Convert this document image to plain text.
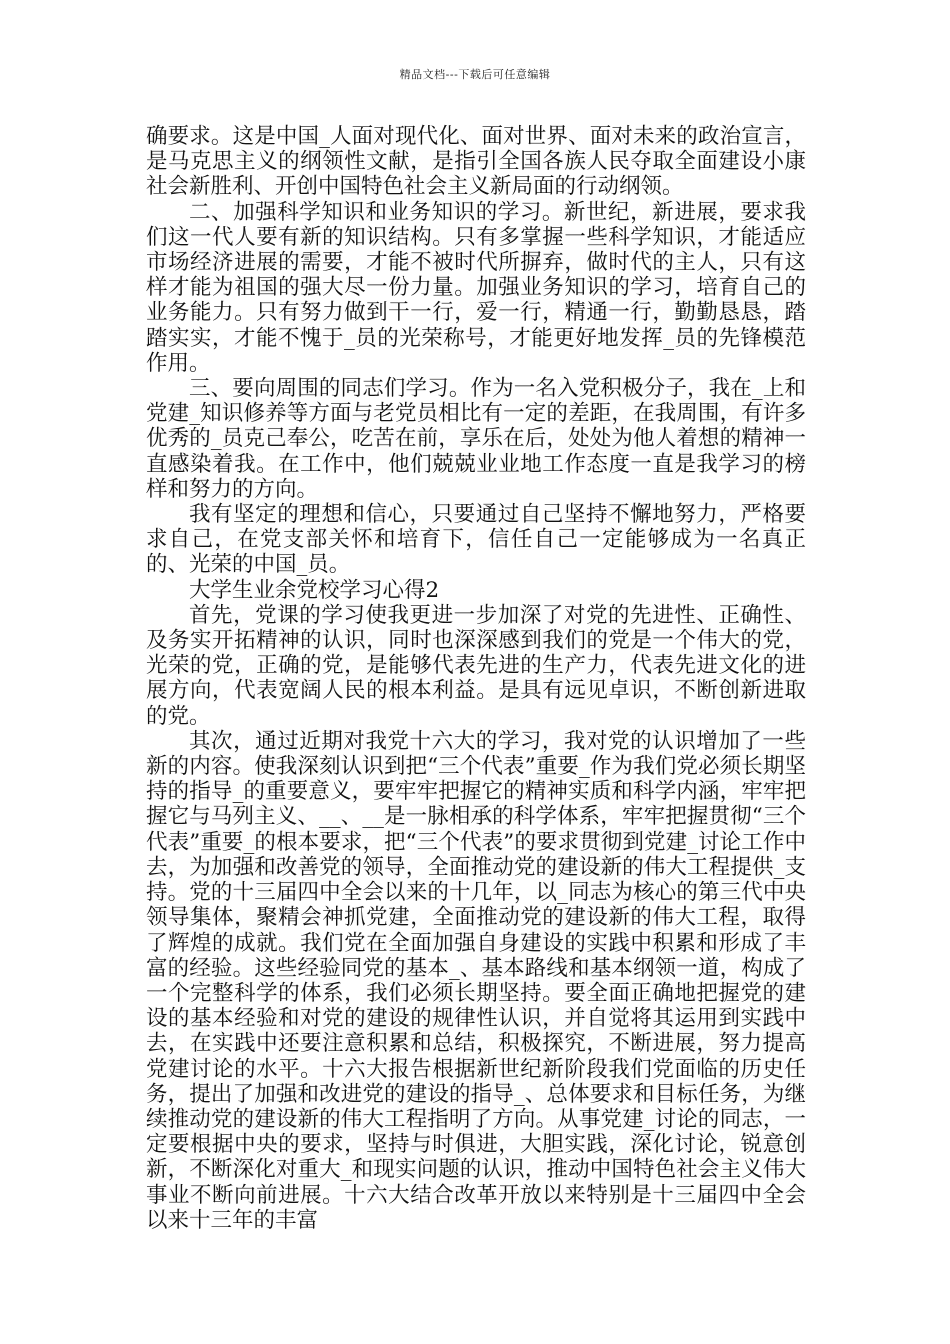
精品文档---下载后可任意编辑

确要求。这是中国_人面对现代化、面对世界、面对未来的政治宣言，是马克思主义的纲领性文献，是指引全国各族人民夺取全面建设小康社会新胜利、开创中国特色社会主义新局面的行动纲领。

二、加强科学知识和业务知识的学习。新世纪，新进展，要求我们这一代人要有新的知识结构。只有多掌握一些科学知识，才能适应市场经济进展的需要，才能不被时代所摒弃，做时代的主人，只有这样才能为祖国的强大尽一份力量。加强业务知识的学习，培育自己的业务能力。只有努力做到干一行，爱一行，精通一行，勤勤恳恳，踏踏实实，才能不愧于_员的光荣称号，才能更好地发挥_员的先锋模范作用。

三、要向周围的同志们学习。作为一名入党积极分子，我在_上和党建_知识修养等方面与老党员相比有一定的差距，在我周围，有许多优秀的_员克己奉公，吃苦在前，享乐在后，处处为他人着想的精神一直感染着我。在工作中，他们兢兢业业地工作态度一直是我学习的榜样和努力的方向。

我有坚定的理想和信心，只要通过自己坚持不懈地努力，严格要求自己，在党支部关怀和培育下，信任自己一定能够成为一名真正的、光荣的中国_员。

大学生业余党校学习心得2

首先，党课的学习使我更进一步加深了对党的先进性、正确性、及务实开拓精神的认识，同时也深深感到我们的党是一个伟大的党，光荣的党，正确的党，是能够代表先进的生产力，代表先进文化的进展方向，代表宽阔人民的根本利益。是具有远见卓识，不断创新进取的党。

其次，通过近期对我党十六大的学习，我对党的认识增加了一些新的内容。使我深刻认识到把“三个代表”重要_作为我们党必须长期坚持的指导_的重要意义，要牢牢把握它的精神实质和科学内涵，牢牢把握它与马列主义、__、__是一脉相承的科学体系，牢牢把握贯彻“三个代表”重要_的根本要求，把“三个代表”的要求贯彻到党建_讨论工作中去，为加强和改善党的领导，全面推动党的建设新的伟大工程提供_支持。党的十三届四中全会以来的十几年，以_同志为核心的第三代中央领导集体，聚精会神抓党建，全面推动党的建设新的伟大工程，取得了辉煌的成就。我们党在全面加强自身建设的实践中积累和形成了丰富的经验。这些经验同党的基本_、基本路线和基本纲领一道，构成了一个完整科学的体系，我们必须长期坚持。要全面正确地把握党的建设的基本经验和对党的建设的规律性认识，并自觉将其运用到实践中去，在实践中还要注意积累和总结，积极探究，不断进展，努力提高党建讨论的水平。十六大报告根据新世纪新阶段我们党面临的历史任务，提出了加强和改进党的建设的指导_、总体要求和目标任务，为继续推动党的建设新的伟大工程指明了方向。从事党建_讨论的同志，一定要根据中央的要求，坚持与时俱进，大胆实践，深化讨论，锐意创新，不断深化对重大_和现实问题的认识，推动中国特色社会主义伟大事业不断向前进展。十六大结合改革开放以来特别是十三届四中全会以来十三年的丰富
